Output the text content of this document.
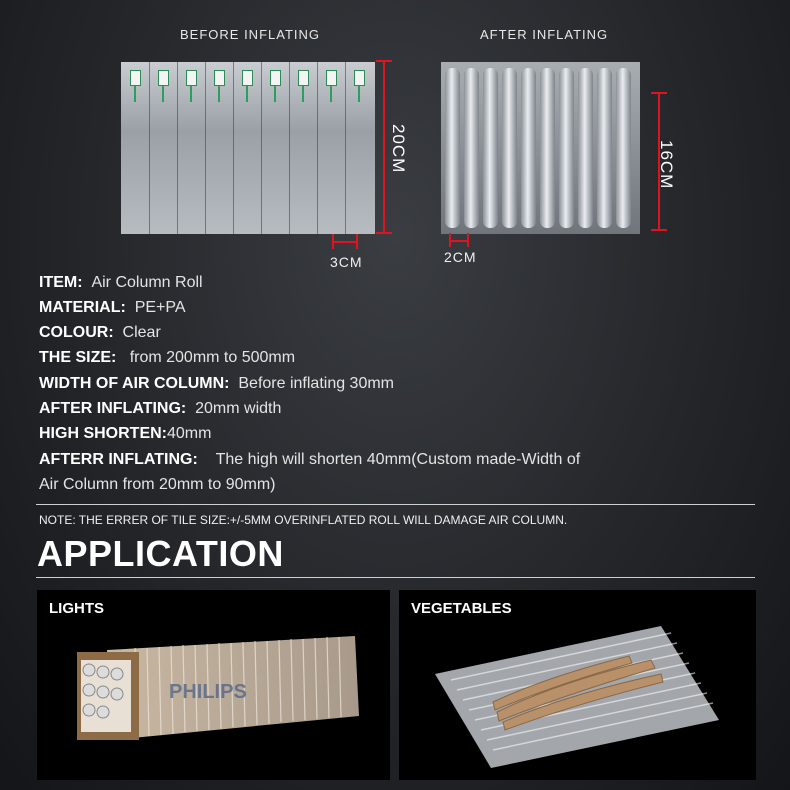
BEFORE INFLATING
20CM
3CM
AFTER INFLATING
16CM
2CM
ITEM: Air Column Roll
MATERIAL: PE+PA
COLOUR: Clear
THE SIZE: from 200mm to 500mm
WIDTH OF AIR COLUMN: Before inflating 30mm
AFTER INFLATING: 20mm width
HIGH SHORTEN:40mm
AFTERR INFLATING: The high will shorten 40mm(Custom made-Width of
Air Column from 20mm to 90mm)
NOTE: THE ERRER OF TILE SIZE:+/-5MM OVERINFLATED ROLL WILL DAMAGE AIR COLUMN.
APPLICATION
LIGHTS
PHILIPS
VEGETABLES
